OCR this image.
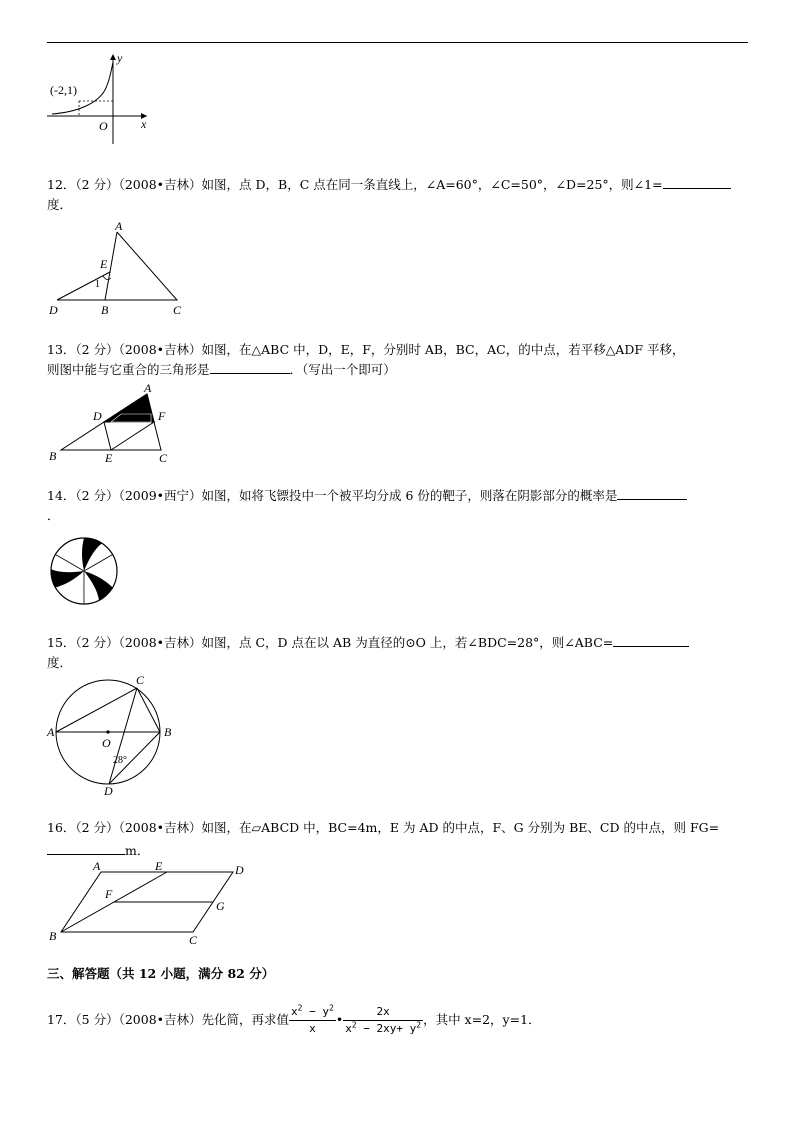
(-2,1)
y
x
O
12．（2 分）（2008•吉林）如图，点 D，B，C 点在同一条直线上，∠A=60°，∠C=50°，∠D=25°，则∠1=
度．
A
E
1
D	B	C
13．（2 分）（2008•吉林）如图，在△ABC 中，D，E，F，分别时 AB，BC，AC，的中点，若平移△ADF 平移，
则图中能与它重合的三角形是	．（写出一个即可）
A
D	F
B	E	C
14．（2 分）（2009•西宁）如图，如将飞镖投中一个被平均分成 6 份的靶子，则落在阴影部分的概率是
．
15．（2 分）（2008•吉林）如图，点 C，D 点在以 AB 为直径的⊙O 上，若∠BDC=28°，则∠ABC=
度．
C
A
O
B
28°
D
16．（2 分）（2008•吉林）如图，在▱ABCD 中，BC=4m，E 为 AD 的中点，F、G 分别为 BE、CD 的中点，则 FG=
m．
A	E	D
F
G
B	C
三、解答题（共 12 小题，满分 82 分）
17．（5 分）（2008•吉林）先化简，再求值 $\frac{x^2 - y^2}{x}$ • $\frac{2x}{x^2 - 2xy+ y^2}$ ，其中 x=2，y=1．
